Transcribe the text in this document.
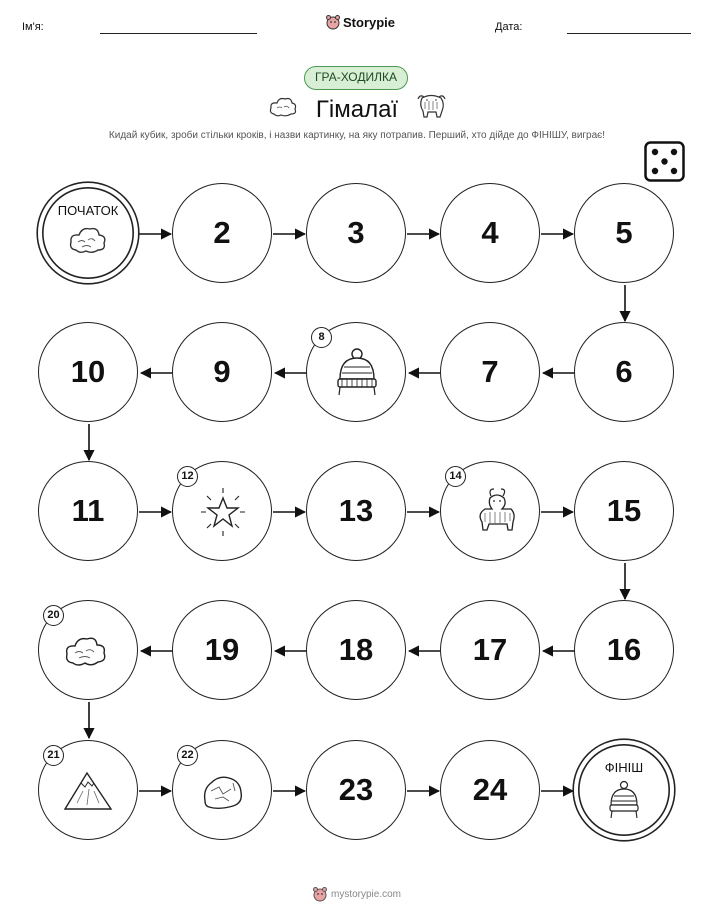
Ім'я:	Storypie	Дата:
ГРА-ХОДИЛКА
Гімалаї
Кидай кубик, зроби стільки кроків, і назви картинку, на яку потрапив. Перший, хто дійде до ФІНІШУ, виграє!
ПОЧАТОК
2	3	4	5
10	9
8
7	6
11
12
13
14
15
20
19	18	17	16
21	22
23	24
ФІНІШ
mystorypie.com
